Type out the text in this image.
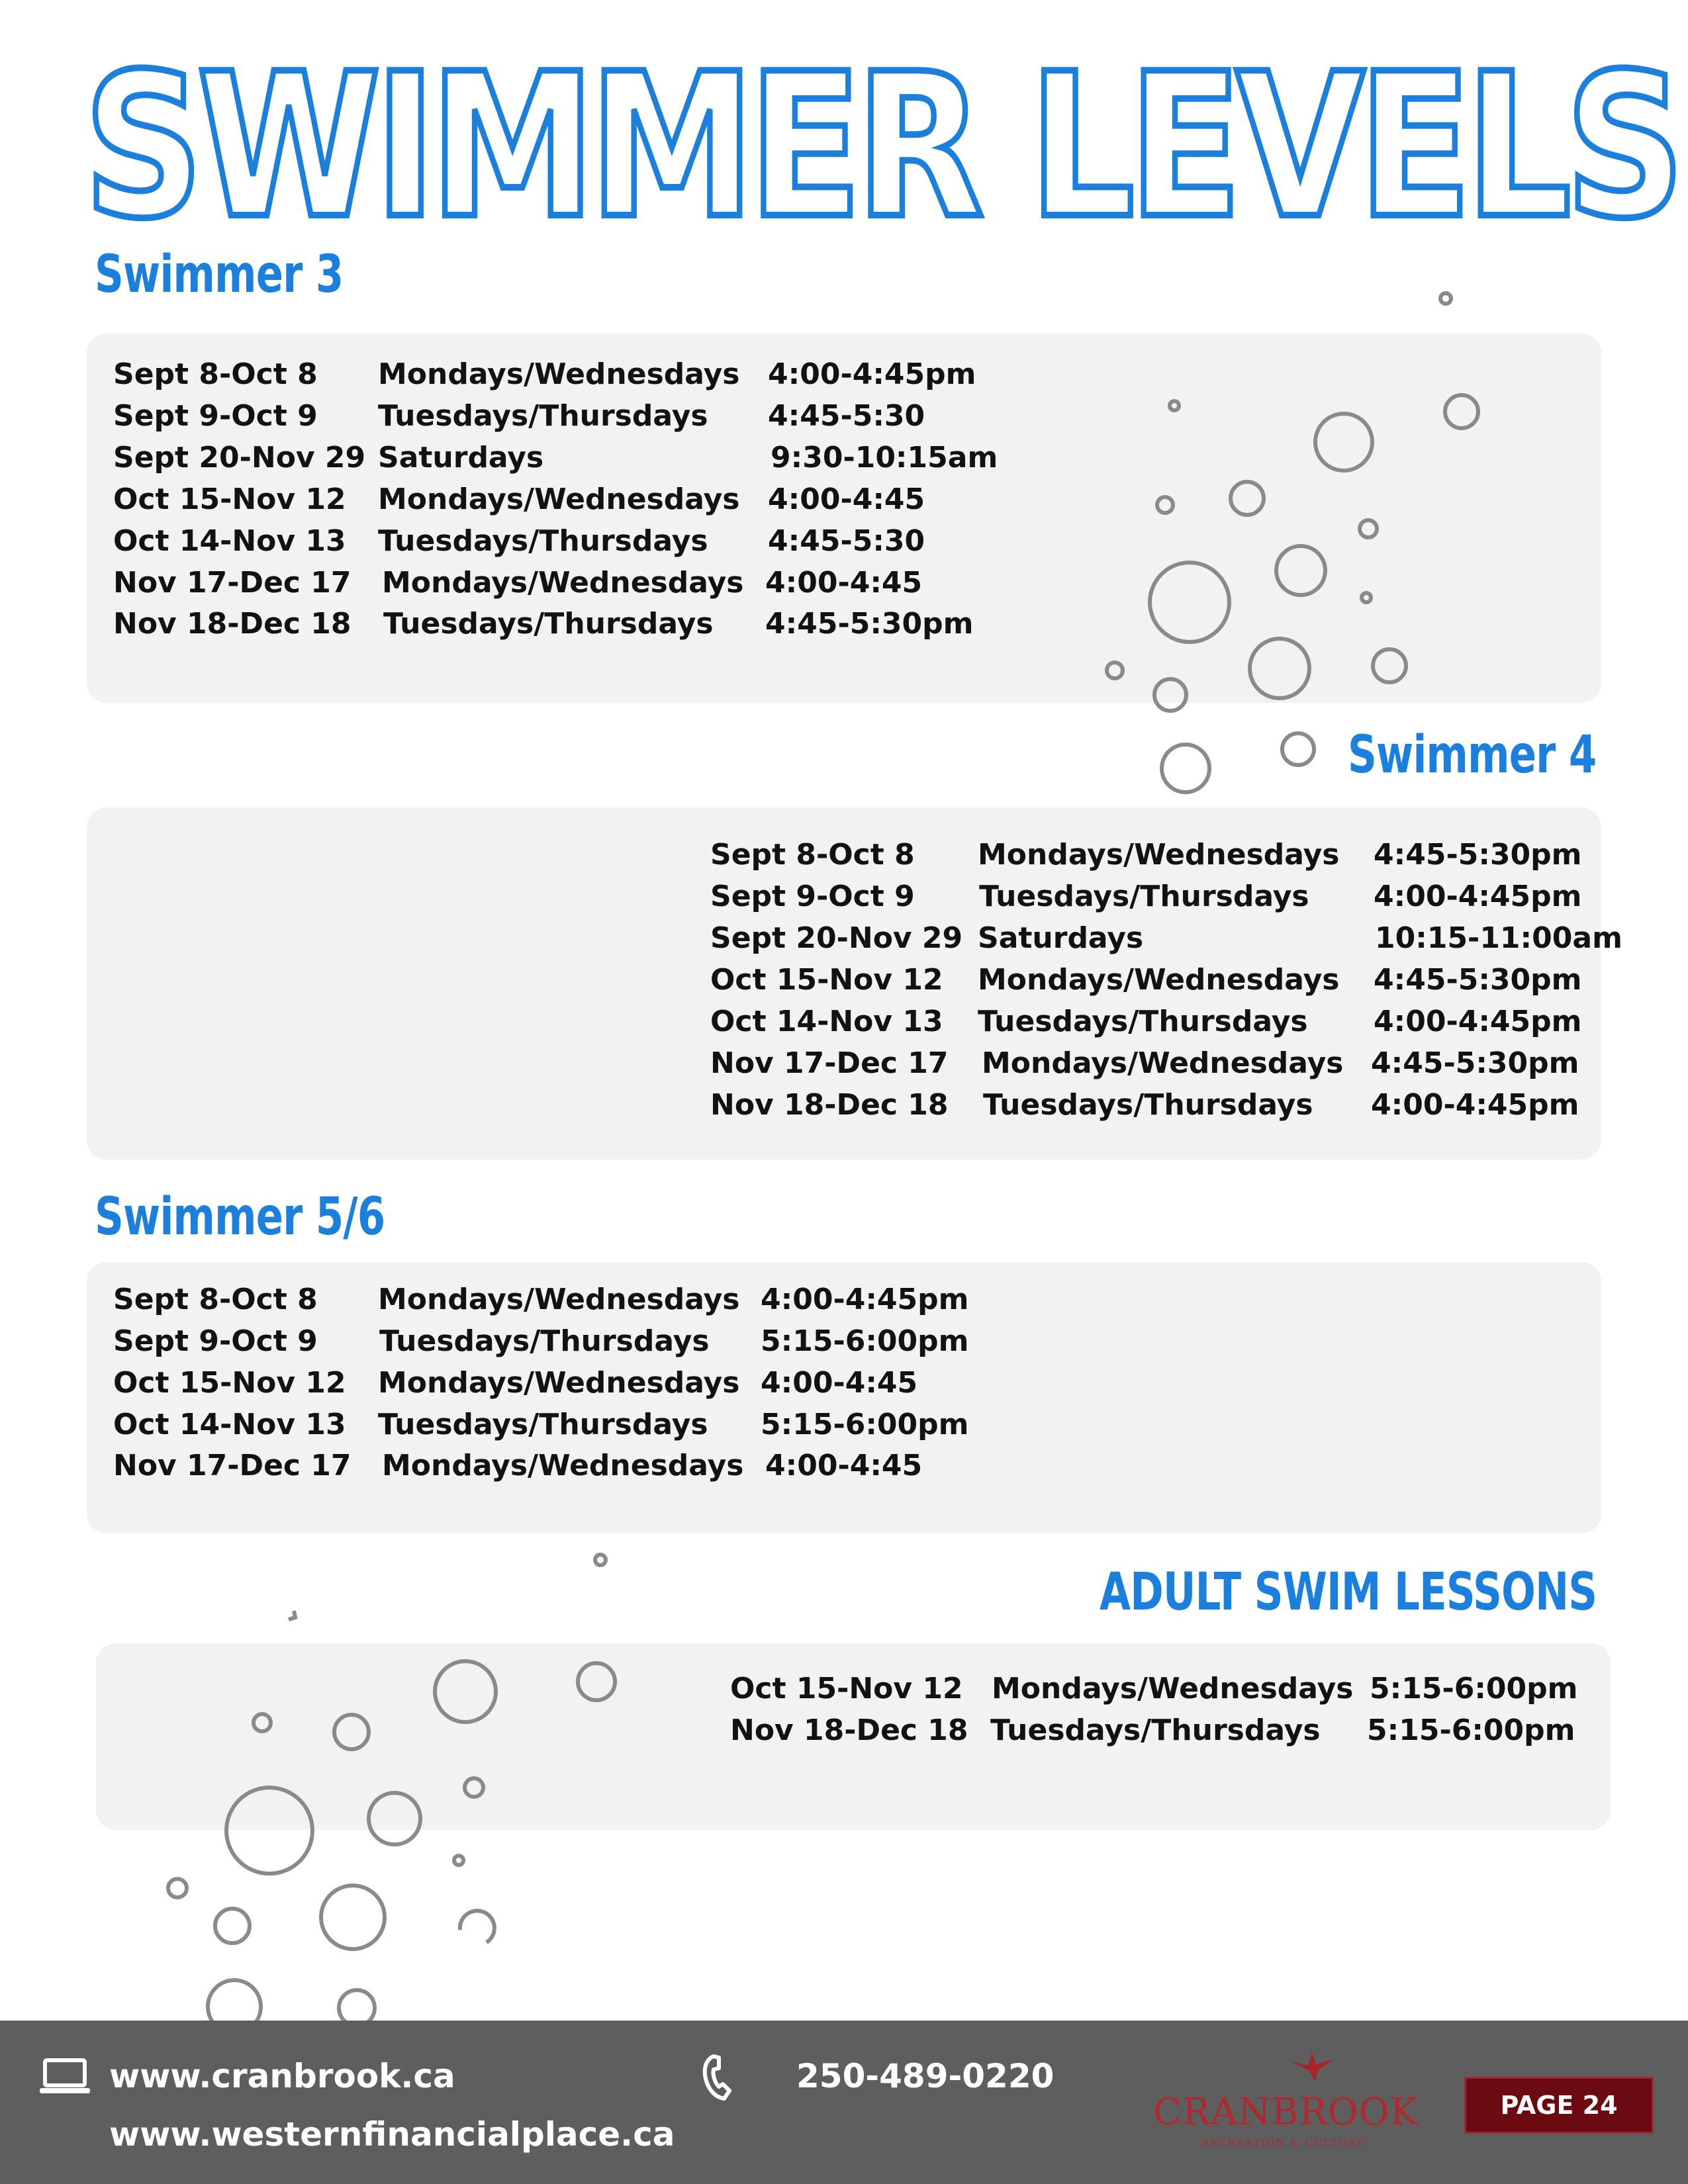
SWIMMER LEVELS
Swimmer 3
Swimmer 4
Swimmer 5/6
ADULT SWIM LESSONS
Sept 8-Oct 8 Mondays/Wednesdays 4:00-4:45pm
Sept 9-Oct 9 Tuesdays/Thursdays 4:45-5:30
Sept 20-Nov 29 Saturdays	9:30-10:15am
Oct 15-Nov 12 Mondays/Wednesdays 4:00-4:45
Oct 14-Nov 13 Tuesdays/Thursdays 4:45-5:30
Nov 17-Dec 17 Mondays/Wednesdays 4:00-4:45
Nov 18-Dec 18 Tuesdays/Thursdays 4:45-5:30pm
Sept 8-Oct 8 Mondays/Wednesdays 4:45-5:30pm
Sept 9-Oct 9 Tuesdays/Thursdays 4:00-4:45pm
Sept 20-Nov 29 Saturdays	10:15-11:00am
Oct 15-Nov 12 Mondays/Wednesdays 4:45-5:30pm
Oct 14-Nov 13 Tuesdays/Thursdays 4:00-4:45pm
Nov 17-Dec 17 Mondays/Wednesdays 4:45-5:30pm
Nov 18-Dec 18 Tuesdays/Thursdays 4:00-4:45pm
Sept 8-Oct 8 Mondays/Wednesdays 4:00-4:45pm
Sept 9-Oct 9 Tuesdays/Thursdays 5:15-6:00pm
Oct 15-Nov 12 Mondays/Wednesdays 4:00-4:45
Oct 14-Nov 13 Tuesdays/Thursdays 5:15-6:00pm
Nov 17-Dec 17 Mondays/Wednesdays 4:00-4:45
Oct 15-Nov 12 Mondays/Wednesdays 5:15-6:00pm
Nov 18-Dec 18 Tuesdays/Thursdays 5:15-6:00pm
www.cranbrook.ca
www.westernfinancialplace.ca
250-489-0220
CRANBROOK
RECREATION & CULTURE
PAGE 24
